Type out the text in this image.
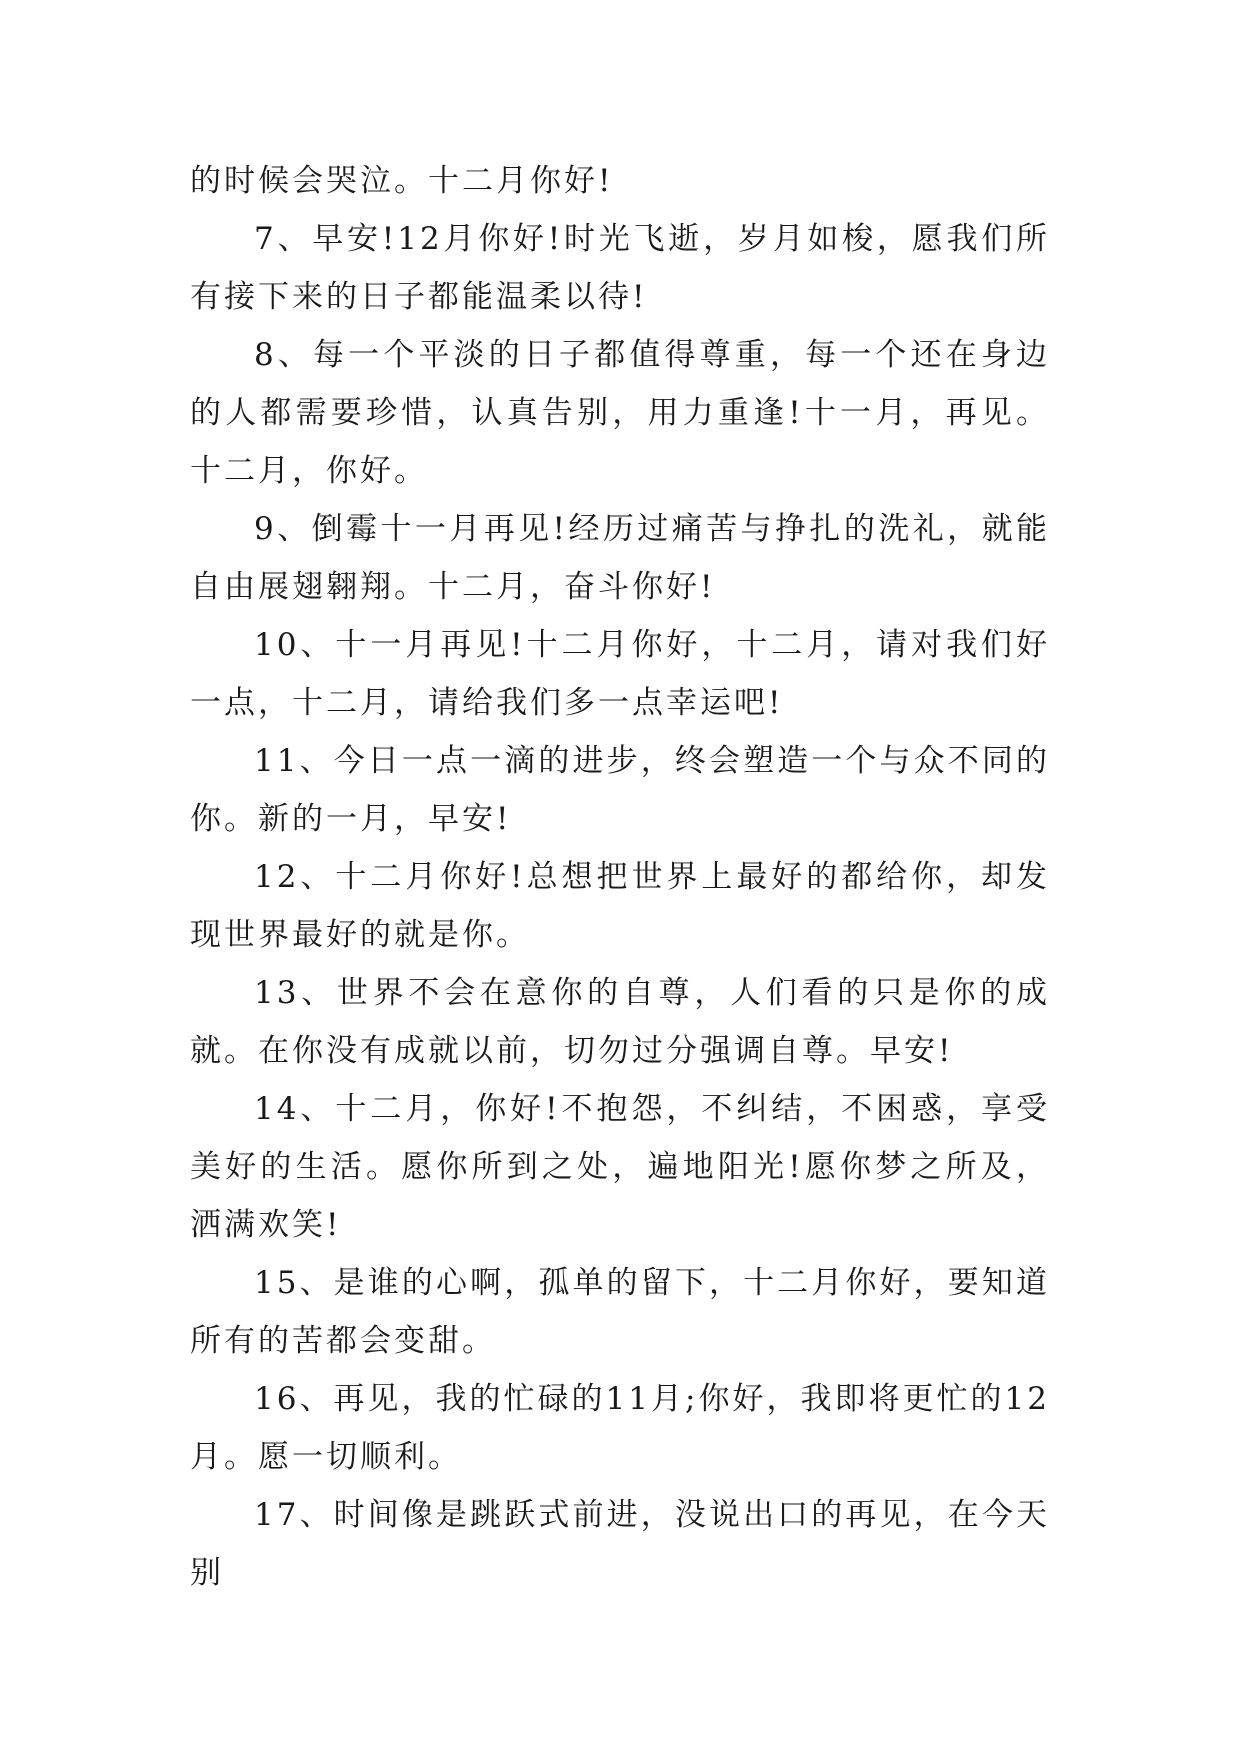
的时候会哭泣。十二月你好!

7、早安!12月你好!时光飞逝，岁月如梭，愿我们所有接下来的日子都能温柔以待!

8、每一个平淡的日子都值得尊重，每一个还在身边的人都需要珍惜，认真告别，用力重逢!十一月，再见。十二月，你好。

9、倒霉十一月再见!经历过痛苦与挣扎的洗礼，就能自由展翅翱翔。十二月，奋斗你好!

10、十一月再见!十二月你好，十二月，请对我们好一点，十二月，请给我们多一点幸运吧!

11、今日一点一滴的进步，终会塑造一个与众不同的你。新的一月，早安!

12、十二月你好!总想把世界上最好的都给你，却发现世界最好的就是你。

13、世界不会在意你的自尊，人们看的只是你的成就。在你没有成就以前，切勿过分强调自尊。早安!

14、十二月，你好!不抱怨，不纠结，不困惑，享受美好的生活。愿你所到之处，遍地阳光!愿你梦之所及，洒满欢笑!

15、是谁的心啊，孤单的留下，十二月你好，要知道所有的苦都会变甜。

16、再见，我的忙碌的11月;你好，我即将更忙的12月。愿一切顺利。

17、时间像是跳跃式前进，没说出口的再见，在今天别
